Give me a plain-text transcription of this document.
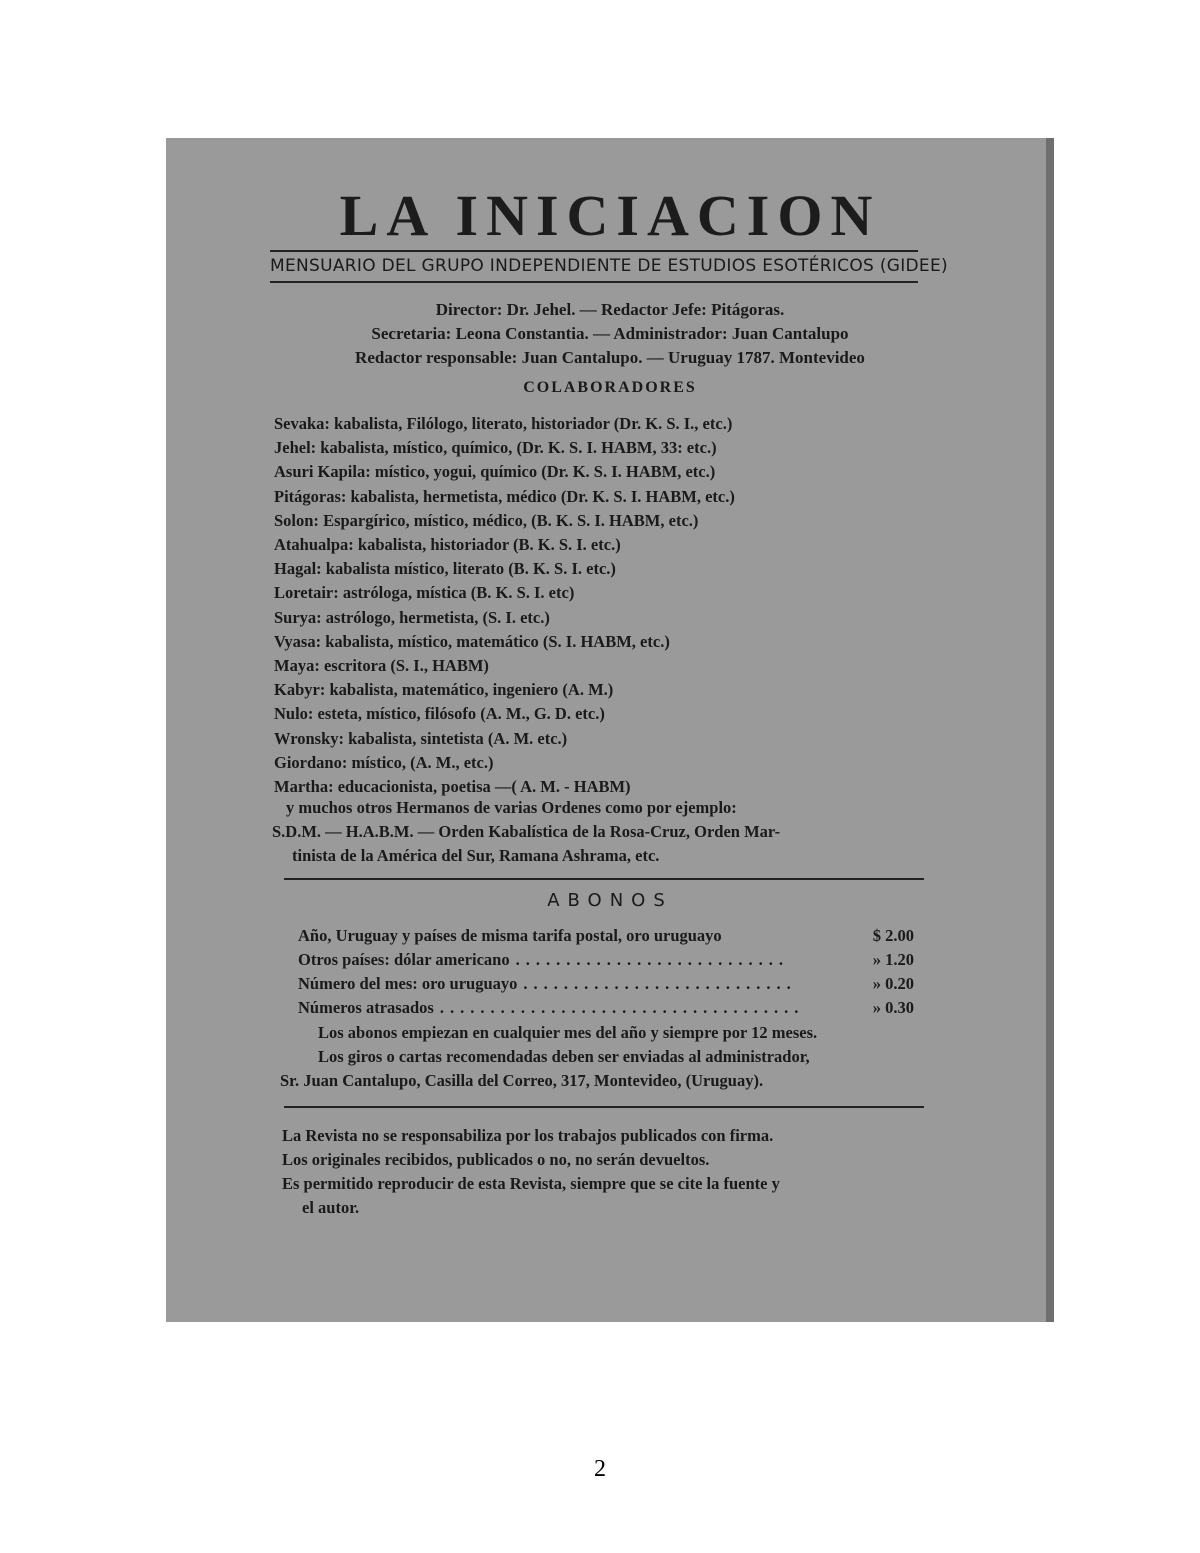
LA INICIACION
MENSUARIO DEL GRUPO INDEPENDIENTE DE ESTUDIOS ESOTÉRICOS (GIDEE)
Director: Dr. Jehel. — Redactor Jefe: Pitágoras.
Secretaria: Leona Constantia. — Administrador: Juan Cantalupo
Redactor responsable: Juan Cantalupo. — Uruguay 1787. Montevideo
COLABORADORES
Sevaka: kabalista, Filólogo, literato, historiador (Dr. K. S. I., etc.)
Jehel: kabalista, místico, químico, (Dr. K. S. I. HABM, 33: etc.)
Asuri Kapila: místico, yogui, químico (Dr. K. S. I. HABM, etc.)
Pitágoras: kabalista, hermetista, médico (Dr. K. S. I. HABM, etc.)
Solon: Espargírico, místico, médico, (B. K. S. I. HABM, etc.)
Atahualpa: kabalista, historiador (B. K. S. I. etc.)
Hagal: kabalista místico, literato (B. K. S. I. etc.)
Loretair: astróloga, mística (B. K. S. I. etc)
Surya: astrólogo, hermetista, (S. I. etc.)
Vyasa: kabalista, místico, matemático (S. I. HABM, etc.)
Maya: escritora (S. I., HABM)
Kabyr: kabalista, matemático, ingeniero (A. M.)
Nulo: esteta, místico, filósofo (A. M., G. D. etc.)
Wronsky: kabalista, sintetista (A. M. etc.)
Giordano: místico, (A. M., etc.)
Martha: educacionista, poetisa —( A. M. - HABM)
y muchos otros Hermanos de varias Ordenes como por ejemplo:
S.D.M. — H.A.B.M. — Orden Kabalística de la Rosa-Cruz, Orden Mar-
tinista de la América del Sur, Ramana Ashrama, etc.
ABONOS
Año, Uruguay y países de misma tarifa postal, oro uruguayo	$ 2.00
Otros países: dólar americano ...........................	» 1.20
Número del mes: oro uruguayo ...........................	» 0.20
Números atrasados ....................................	» 0.30
Los abonos empiezan en cualquier mes del año y siempre por 12 meses.
Los giros o cartas recomendadas deben ser enviadas al administrador,
Sr. Juan Cantalupo, Casilla del Correo, 317, Montevideo, (Uruguay).
La Revista no se responsabiliza por los trabajos publicados con firma.
Los originales recibidos, publicados o no, no serán devueltos.
Es permitido reproducir de esta Revista, siempre que se cite la fuente y
el autor.
2
